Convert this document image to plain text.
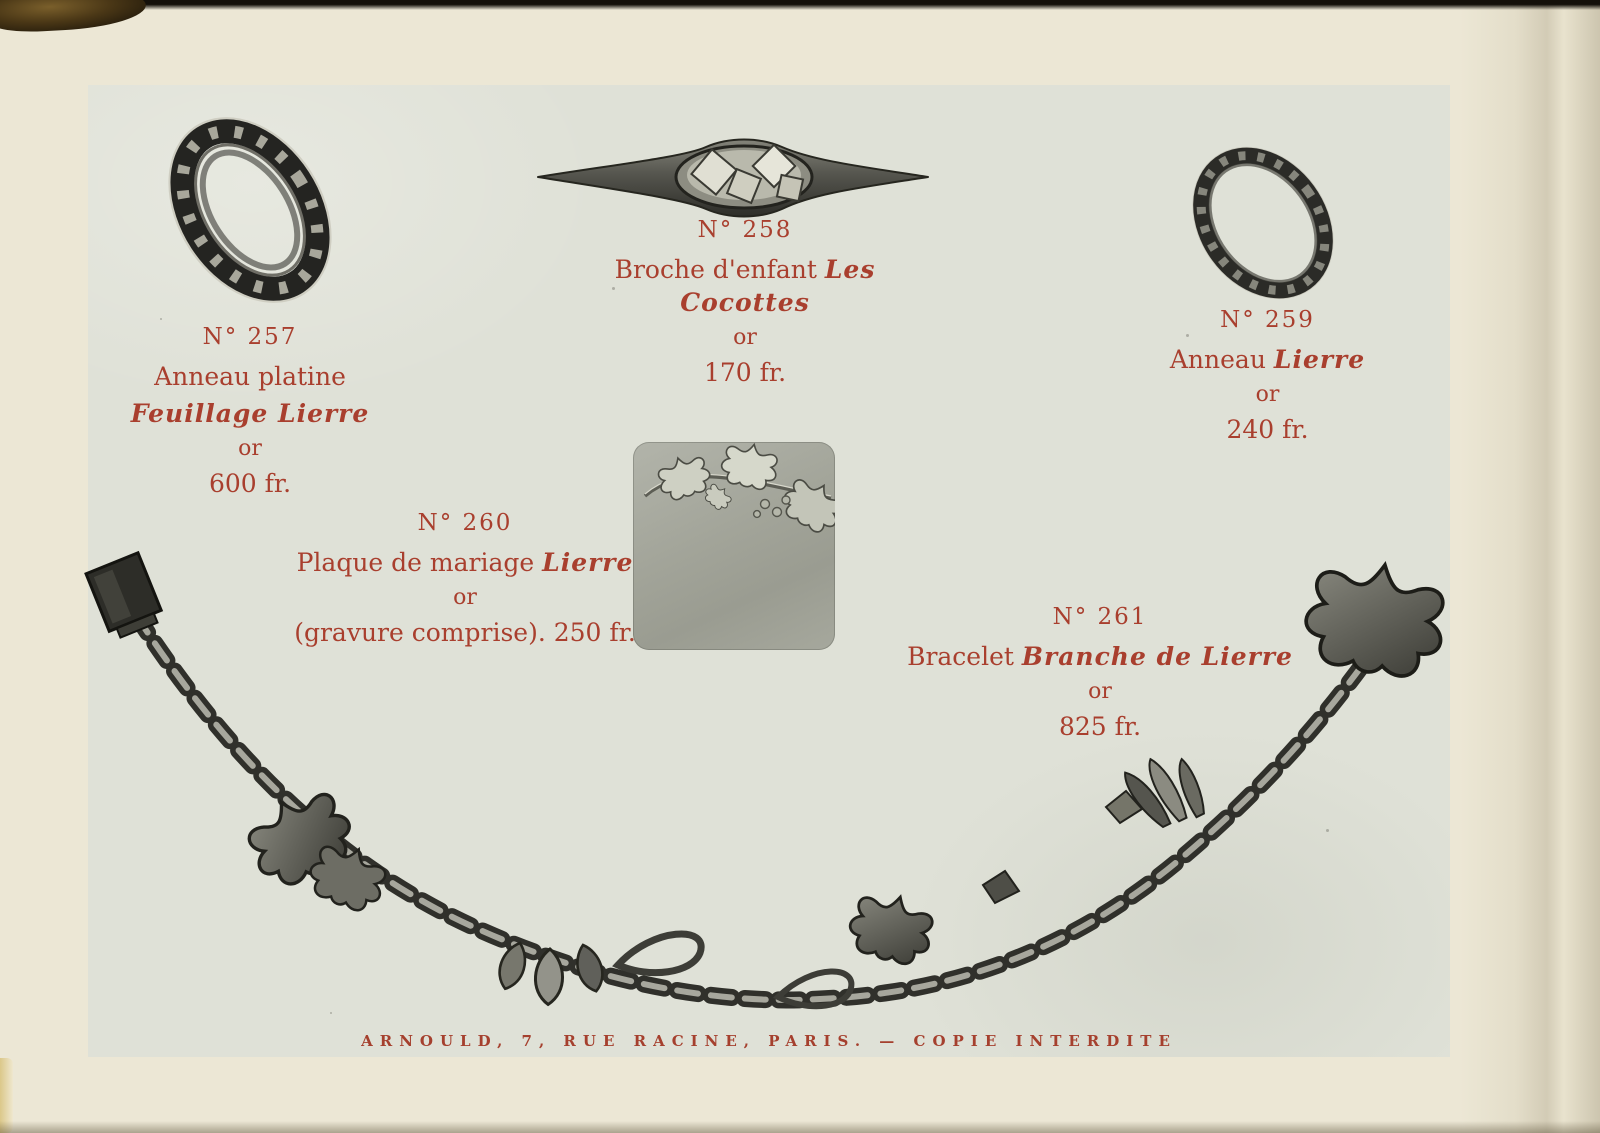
N° 257
Anneau platine
Feuillage Lierre
or
600 fr.
N° 258
Broche d'enfant Les Cocottes
or
170 fr.
N° 259
Anneau Lierre
or
240 fr.
N° 260
Plaque de mariage Lierre
or
(gravure comprise). 250 fr.
N° 261
Bracelet Branche de Lierre
or
825 fr.
ARNOULD, 7, RUE RACINE, PARIS. — COPIE INTERDITE
